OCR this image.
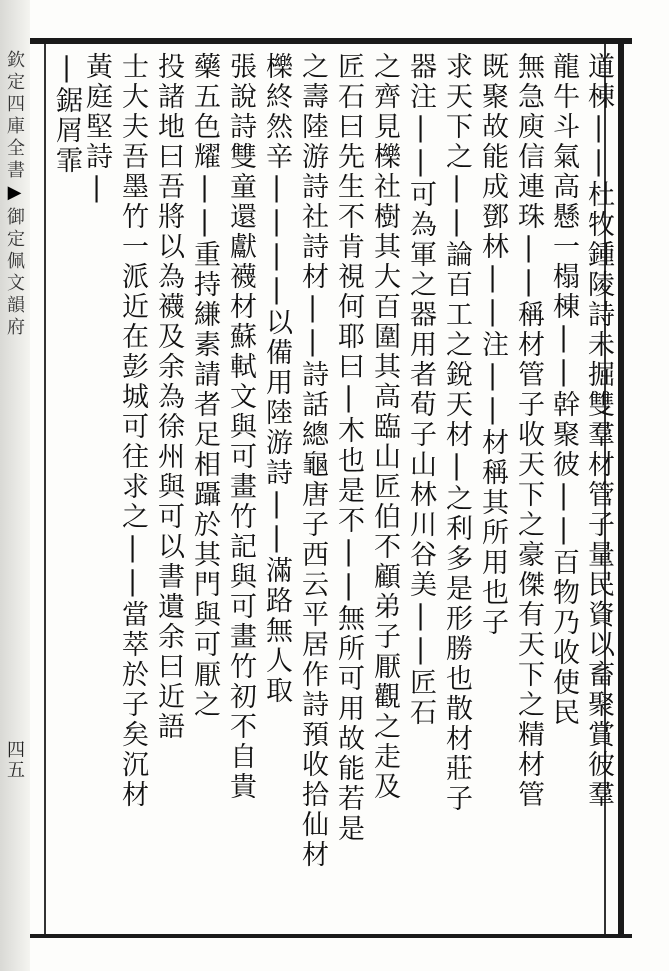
欽定四庫全書▶御定佩文韻府
四五	道棟||杜牧鍾陵詩未掘雙羣材管子量民資以畜聚賞彼羣
龍牛斗氣高懸一榻棟||幹聚彼||百物乃收使民
無急庾信連珠||稱材管子收天下之豪傑有天下之精材管
既聚故能成鄧林||注||材稱其所用也子
求天下之||論百工之銳天材|之利多是形勝也散材莊子
器注||可為軍之器用者荀子山林川谷美||匠石
之齊見櫟社樹其大百圍其高臨山匠伯不顧弟子厭觀之走及
匠石曰先生不肯視何耶曰|木也是不||無所可用故能若是
之壽陸游詩社詩材||詩話總龜唐子西云平居作詩預收拾仙材
櫟終然辛||||以備用陸游詩||滿路無人取
張說詩雙童還獻襪材蘇軾文與可畫竹記與可畫竹初不自貴
藥五色耀||重持縑素請者足相躡於其門與可厭之
投諸地曰吾將以為襪及余為徐州與可以書遺余曰近語
士大夫吾墨竹一派近在彭城可往求之||當萃於子矣沉材
黃庭堅詩|
|鋸屑霏
